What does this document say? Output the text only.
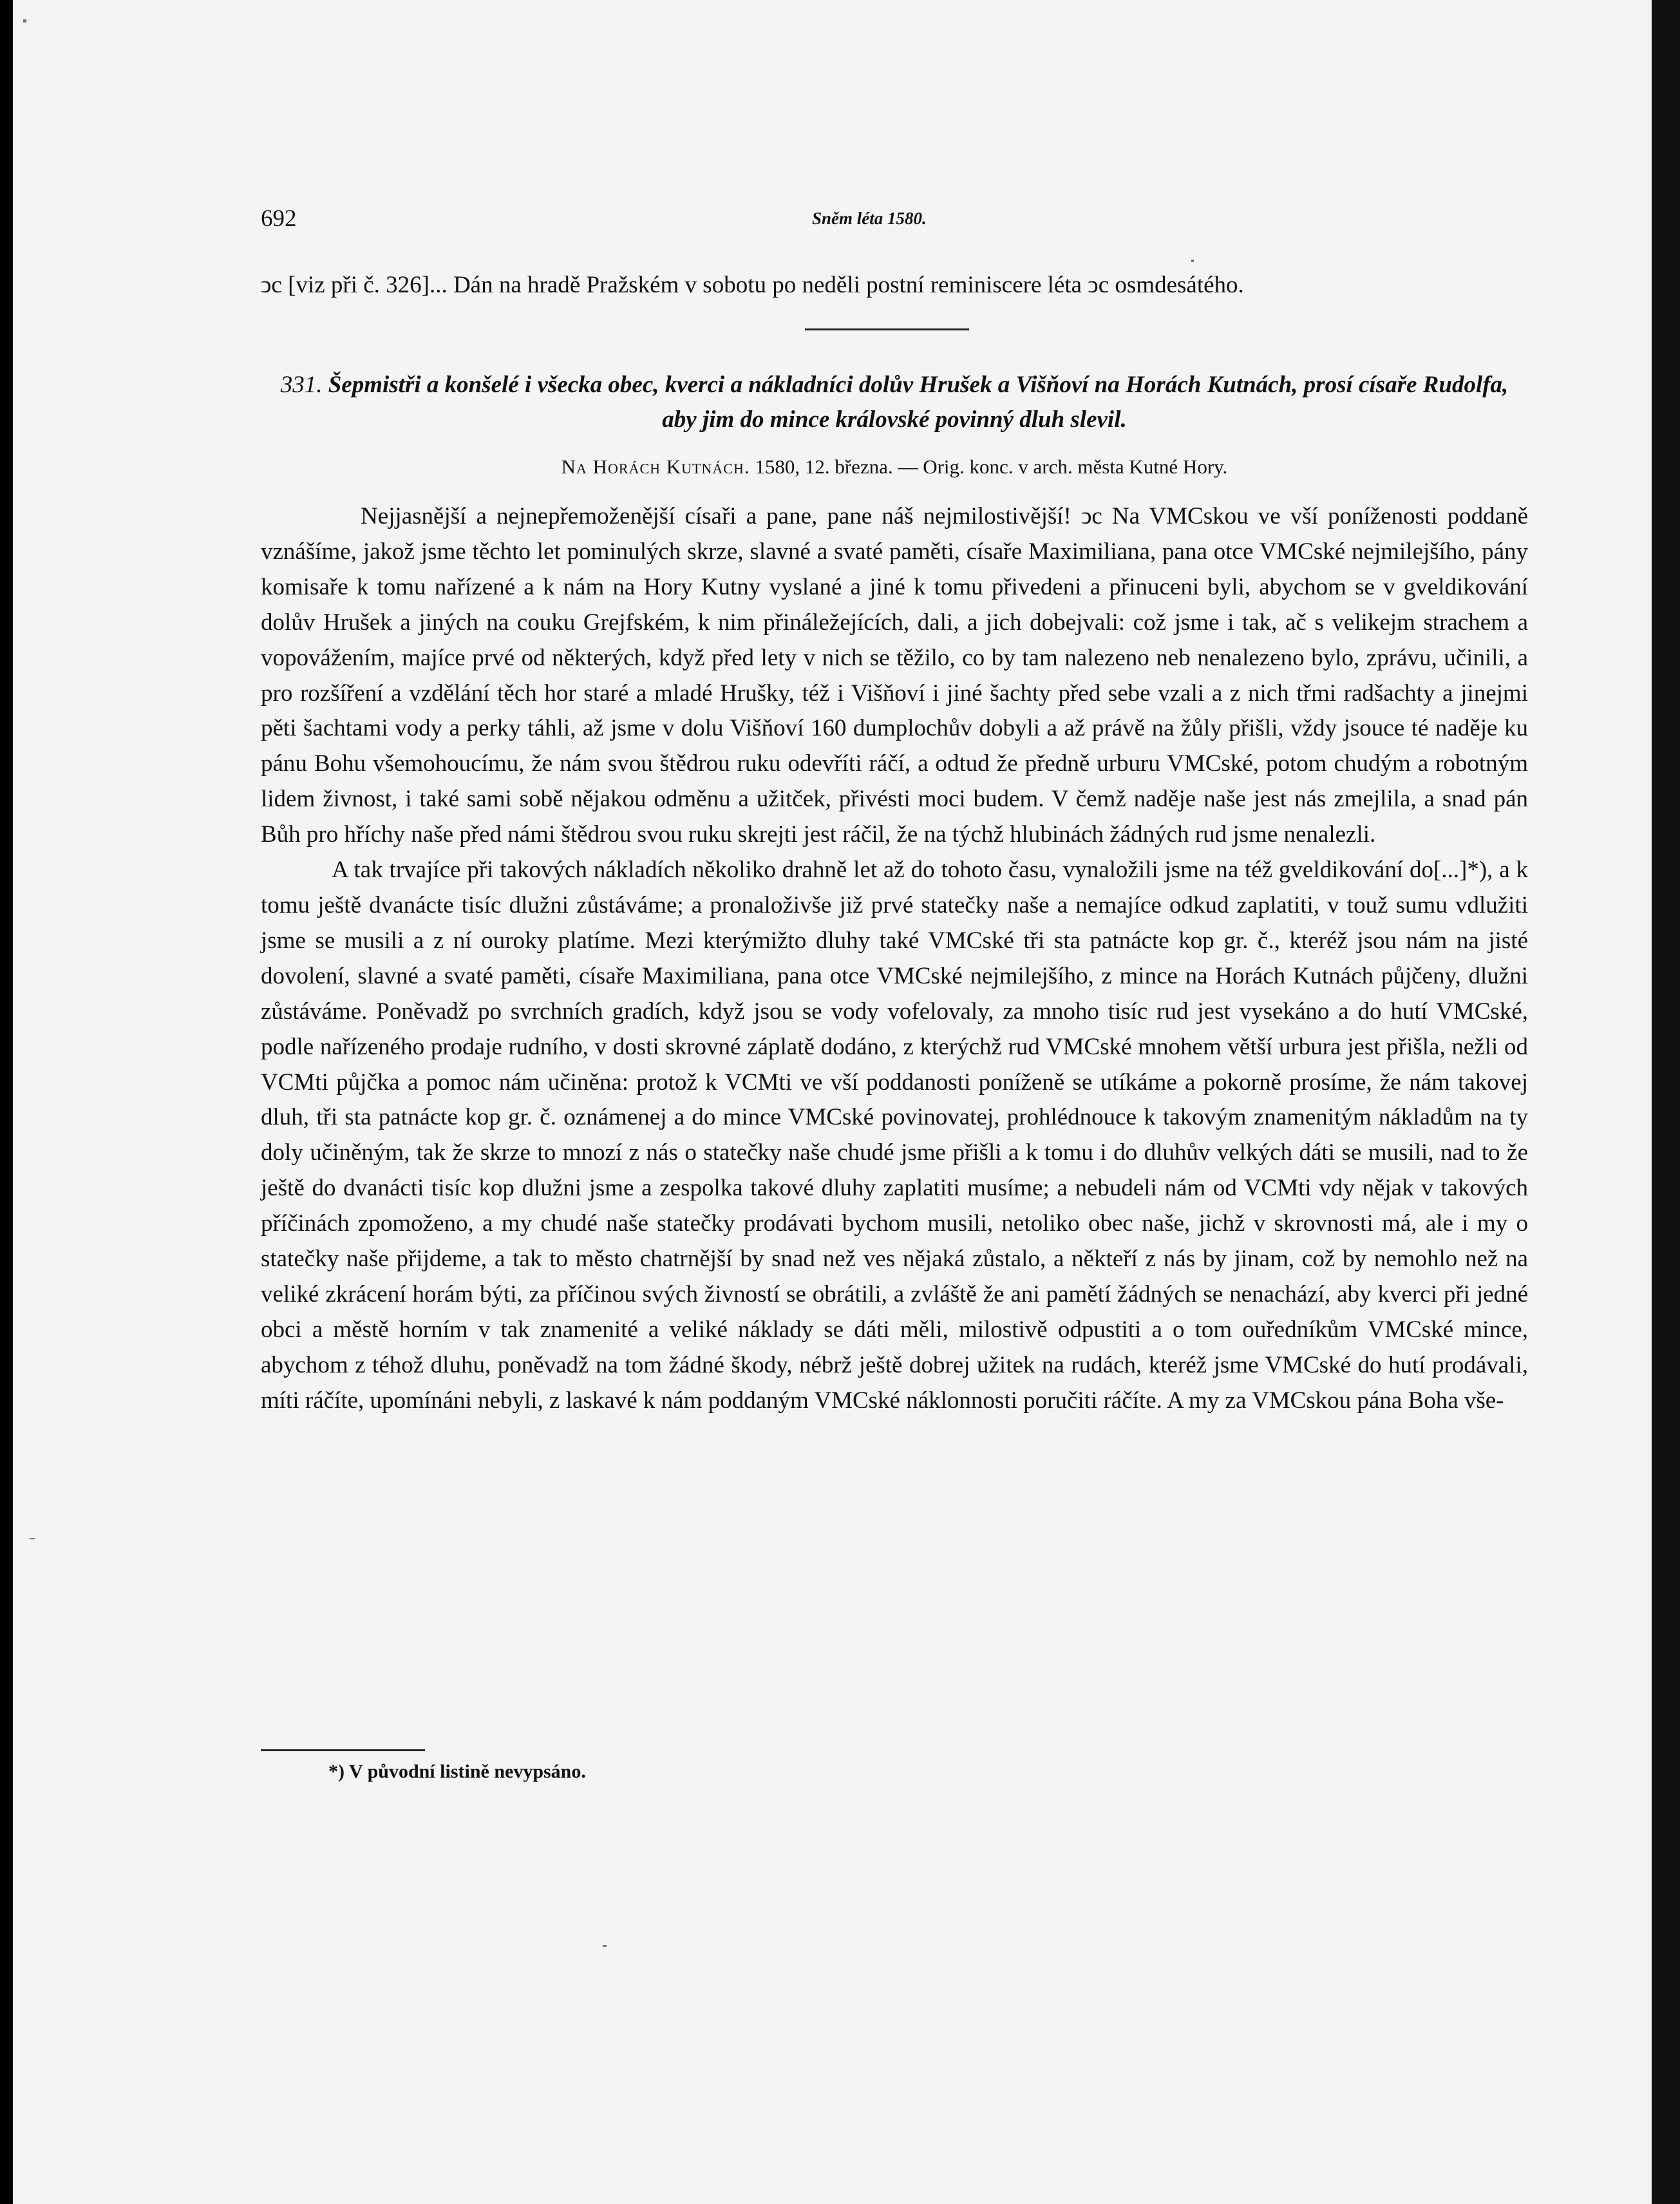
692	Sněm léta 1580.

ↄc [viz při č. 326]... Dán na hradě Pražském v sobotu po neděli postní reminiscere léta ↄc osmdesátého.

331. Šepmistři a konšelé i všecka obec, kverci a nákladníci dolův Hrušek a Višňoví na Horách Kutnách, prosí císaře Rudolfa, aby jim do mince královské povinný dluh slevil.

Na Horách Kutnách. 1580, 12. března. — Orig. konc. v arch. města Kutné Hory.

Nejjasnější a nejnepřemoženější císaři a pane, pane náš nejmilostivější! ↄc Na VMCskou ve vší poníženosti poddaně vznášíme, jakož jsme těchto let pominulých skrze, slavné a svaté paměti, císaře Maximiliana, pana otce VMCské nejmilejšího, pány komisaře k tomu nařízené a k nám na Hory Kutny vyslané a jiné k tomu přivedeni a přinuceni byli, abychom se v gveldikování dolův Hrušek a jiných na couku Grejfském, k nim přináležejících, dali, a jich dobejvali: což jsme i tak, ač s velikejm strachem a vopovážením, majíce prvé od některých, když před lety v nich se těžilo, co by tam nalezeno neb nenalezeno bylo, zprávu, učinili, a pro rozšíření a vzdělání těch hor staré a mladé Hrušky, též i Višňoví i jiné šachty před sebe vzali a z nich třmi radšachty a jinejmi pěti šachtami vody a perky táhli, až jsme v dolu Višňoví 160 dumplochův dobyli a až právě na žůly přišli, vždy jsouce té naděje ku pánu Bohu všemohoucímu, že nám svou štědrou ruku odevříti ráčí, a odtud že předně urburu VMCské, potom chudým a robotným lidem živnost, i také sami sobě nějakou odměnu a užitček, přivésti moci budem. V čemž naděje naše jest nás zmejlila, a snad pán Bůh pro hříchy naše před námi štědrou svou ruku skrejti jest ráčil, že na týchž hlubinách žádných rud jsme nenalezli.

A tak trvajíce při takových nákladích několiko drahně let až do tohoto času, vynaložili jsme na též gveldikování do[...]*), a k tomu ještě dvanácte tisíc dlužni zůstáváme; a pronaloživše již prvé statečky naše a nemajíce odkud zaplatiti, v touž sumu vdlužiti jsme se musili a z ní ouroky platíme. Mezi kterýmižto dluhy také VMCské tři sta patnácte kop gr. č., kteréž jsou nám na jisté dovolení, slavné a svaté paměti, císaře Maximiliana, pana otce VMCské nejmilejšího, z mince na Horách Kutnách půjčeny, dlužni zůstáváme. Poněvadž po svrchních gradích, když jsou se vody vofelovaly, za mnoho tisíc rud jest vysekáno a do hutí VMCské, podle nařízeného prodaje rudního, v dosti skrovné záplatě dodáno, z kterýchž rud VMCské mnohem větší urbura jest přišla, nežli od VCMti půjčka a pomoc nám učiněna: protož k VCMti ve vší poddanosti poníženě se utíkáme a pokorně prosíme, že nám takovej dluh, tři sta patnácte kop gr. č. oznámenej a do mince VMCské povinovatej, prohlédnouce k takovým znamenitým nákladům na ty doly učiněným, tak že skrze to mnozí z nás o statečky naše chudé jsme přišli a k tomu i do dluhův velkých dáti se musili, nad to že ještě do dvanácti tisíc kop dlužni jsme a zespolka takové dluhy zaplatiti musíme; a nebudeli nám od VCMti vdy nějak v takových příčinách zpomoženo, a my chudé naše statečky prodávati bychom musili, netoliko obec naše, jichž v skrovnosti má, ale i my o statečky naše přijdeme, a tak to město chatrnější by snad než ves nějaká zůstalo, a někteří z nás by jinam, což by nemohlo než na veliké zkrácení horám býti, za příčinou svých živností se obrátili, a zvláště že ani pamětí žádných se nenachází, aby kverci při jedné obci a městě horním v tak znamenité a veliké náklady se dáti měli, milostivě odpustiti a o tom ouředníkům VMCské mince, abychom z téhož dluhu, poněvadž na tom žádné škody, nébrž ještě dobrej užitek na rudách, kteréž jsme VMCské do hutí prodávali, míti ráčíte, upomínáni nebyli, z laskavé k nám poddaným VMCské náklonnosti poručiti ráčíte. A my za VMCskou pána Boha vše-

*) V původní listině nevypsáno.
